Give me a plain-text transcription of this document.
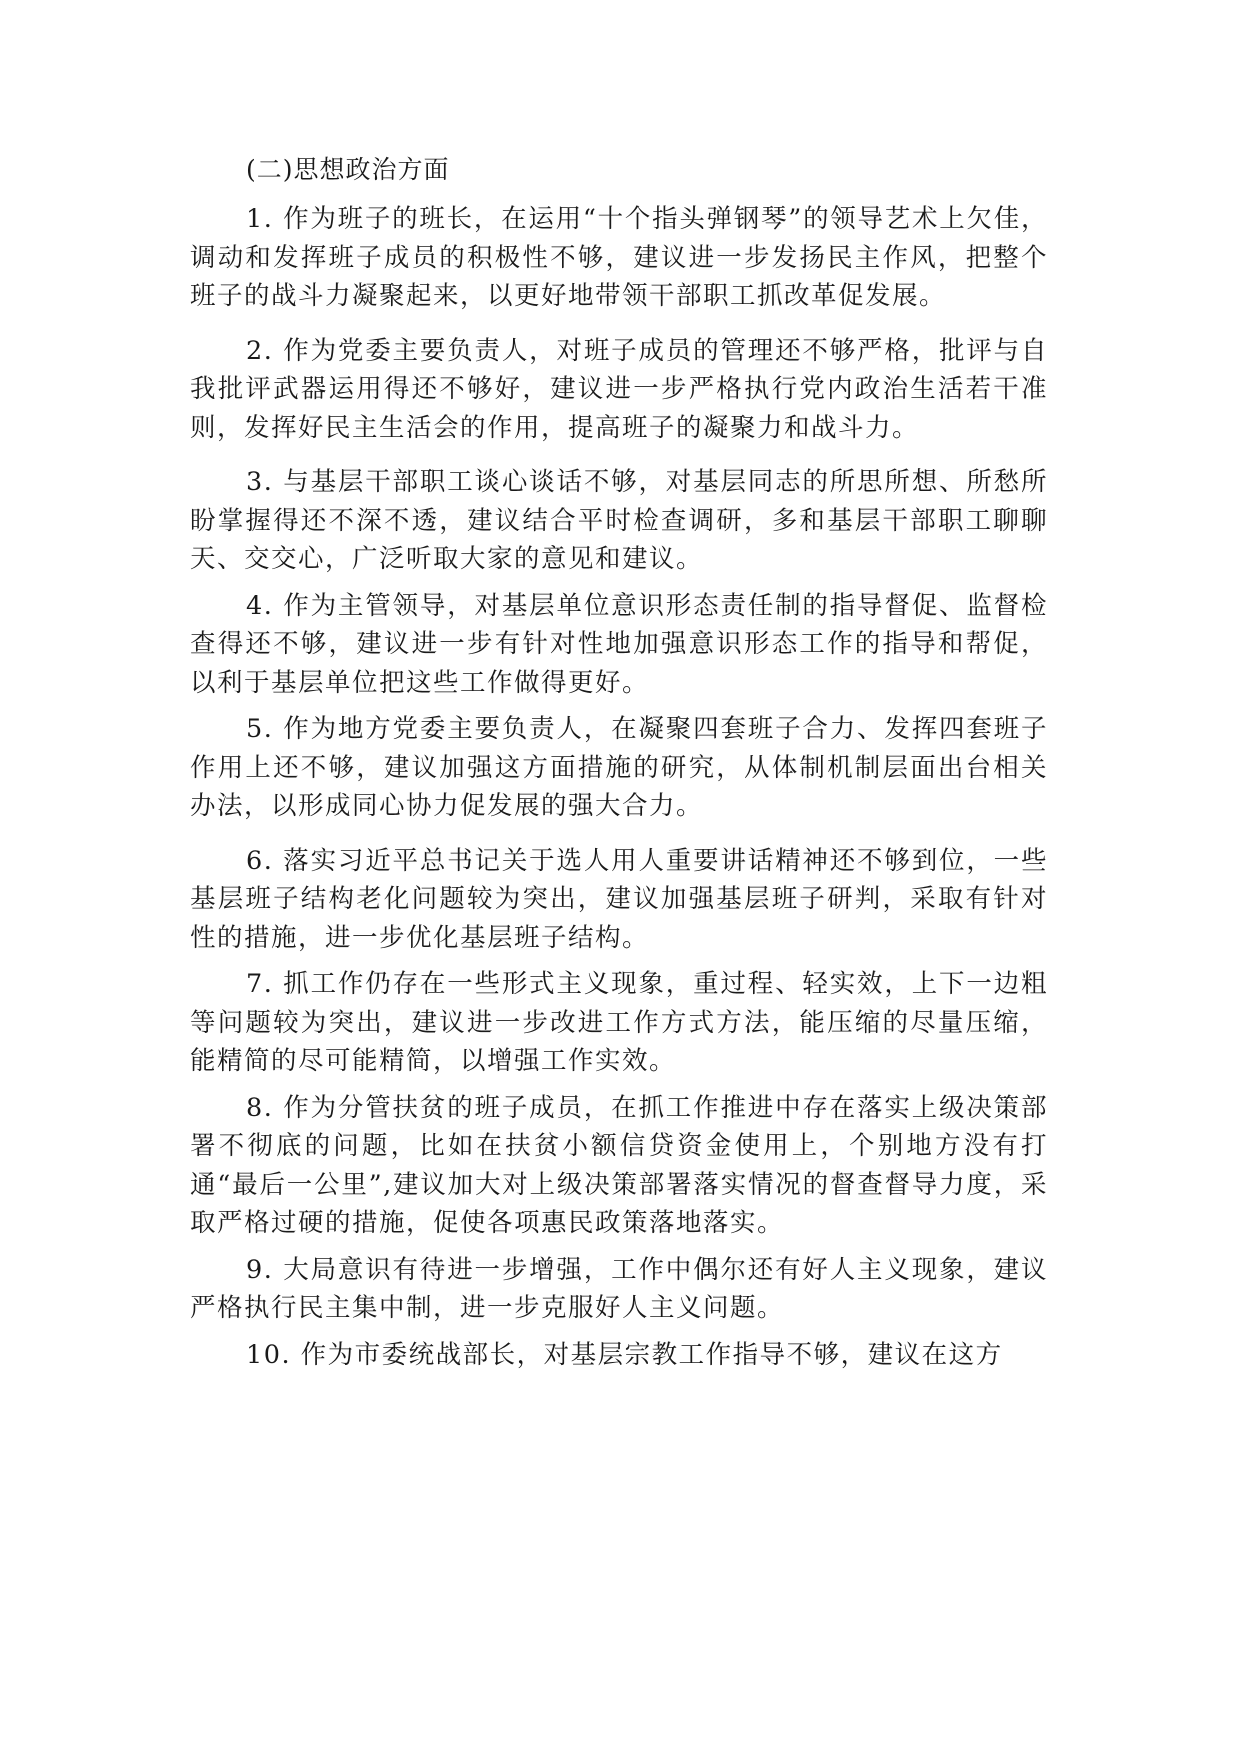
(二)思想政治方面

1. 作为班子的班长，在运用“十个指头弹钢琴”的领导艺术上欠佳，调动和发挥班子成员的积极性不够，建议进一步发扬民主作风，把整个班子的战斗力凝聚起来，以更好地带领干部职工抓改革促发展。

2. 作为党委主要负责人，对班子成员的管理还不够严格，批评与自我批评武器运用得还不够好，建议进一步严格执行党内政治生活若干准则，发挥好民主生活会的作用，提高班子的凝聚力和战斗力。

3. 与基层干部职工谈心谈话不够，对基层同志的所思所想、所愁所盼掌握得还不深不透，建议结合平时检查调研，多和基层干部职工聊聊天、交交心，广泛听取大家的意见和建议。

4. 作为主管领导，对基层单位意识形态责任制的指导督促、监督检查得还不够，建议进一步有针对性地加强意识形态工作的指导和帮促，以利于基层单位把这些工作做得更好。

5. 作为地方党委主要负责人，在凝聚四套班子合力、发挥四套班子作用上还不够，建议加强这方面措施的研究，从体制机制层面出台相关办法，以形成同心协力促发展的强大合力。

6. 落实习近平总书记关于选人用人重要讲话精神还不够到位，一些基层班子结构老化问题较为突出，建议加强基层班子研判，采取有针对性的措施，进一步优化基层班子结构。

7. 抓工作仍存在一些形式主义现象，重过程、轻实效，上下一边粗等问题较为突出，建议进一步改进工作方式方法，能压缩的尽量压缩，能精简的尽可能精简，以增强工作实效。

8. 作为分管扶贫的班子成员，在抓工作推进中存在落实上级决策部署不彻底的问题，比如在扶贫小额信贷资金使用上，个别地方没有打通“最后一公里”,建议加大对上级决策部署落实情况的督查督导力度，采取严格过硬的措施，促使各项惠民政策落地落实。

9. 大局意识有待进一步增强，工作中偶尔还有好人主义现象，建议严格执行民主集中制，进一步克服好人主义问题。

10. 作为市委统战部长，对基层宗教工作指导不够，建议在这方
